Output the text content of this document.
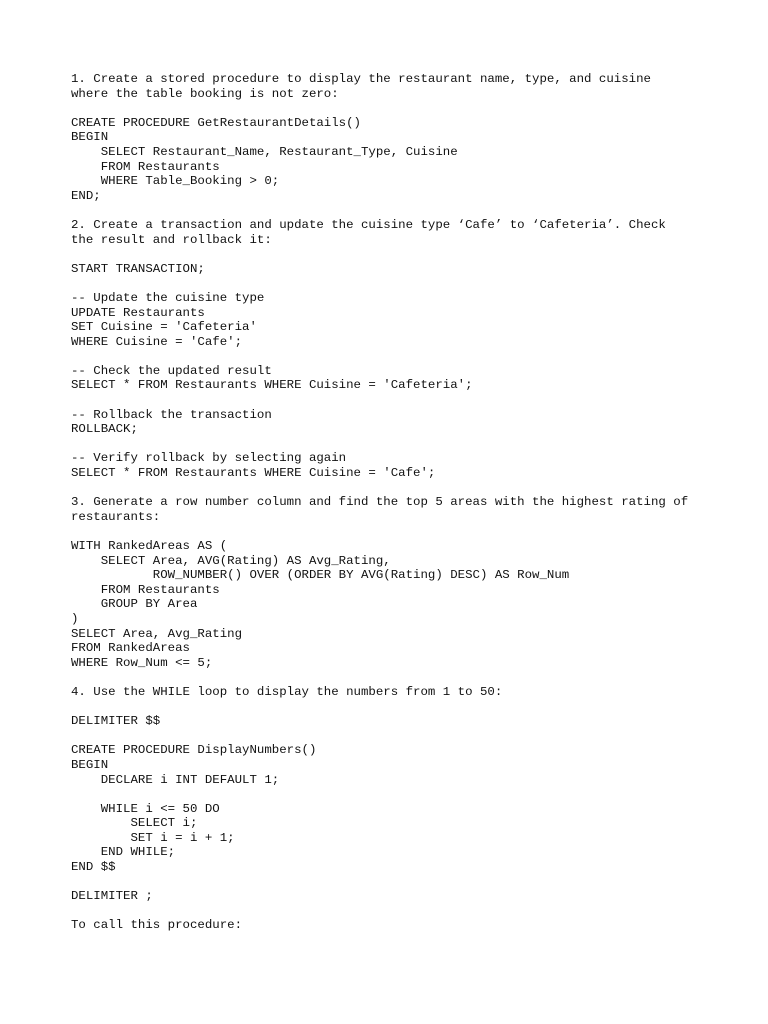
1. Create a stored procedure to display the restaurant name, type, and cuisine
where the table booking is not zero:
CREATE PROCEDURE GetRestaurantDetails()
BEGIN
SELECT Restaurant_Name, Restaurant_Type, Cuisine
FROM Restaurants
WHERE Table_Booking > 0;
END;
2. Create a transaction and update the cuisine type ‘Cafe’ to ‘Cafeteria’. Check
the result and rollback it:
START TRANSACTION;
-- Update the cuisine type
UPDATE Restaurants
SET Cuisine = 'Cafeteria'
WHERE Cuisine = 'Cafe';
-- Check the updated result
SELECT * FROM Restaurants WHERE Cuisine = 'Cafeteria';
-- Rollback the transaction
ROLLBACK;
-- Verify rollback by selecting again
SELECT * FROM Restaurants WHERE Cuisine = 'Cafe';
3. Generate a row number column and find the top 5 areas with the highest rating of
restaurants:
WITH RankedAreas AS (
SELECT Area, AVG(Rating) AS Avg_Rating,
ROW_NUMBER() OVER (ORDER BY AVG(Rating) DESC) AS Row_Num
FROM Restaurants
GROUP BY Area
)
SELECT Area, Avg_Rating
FROM RankedAreas
WHERE Row_Num <= 5;
4. Use the WHILE loop to display the numbers from 1 to 50:
DELIMITER $$
CREATE PROCEDURE DisplayNumbers()
BEGIN
DECLARE i INT DEFAULT 1;
WHILE i <= 50 DO
SELECT i;
SET i = i + 1;
END WHILE;
END $$
DELIMITER ;
To call this procedure:
